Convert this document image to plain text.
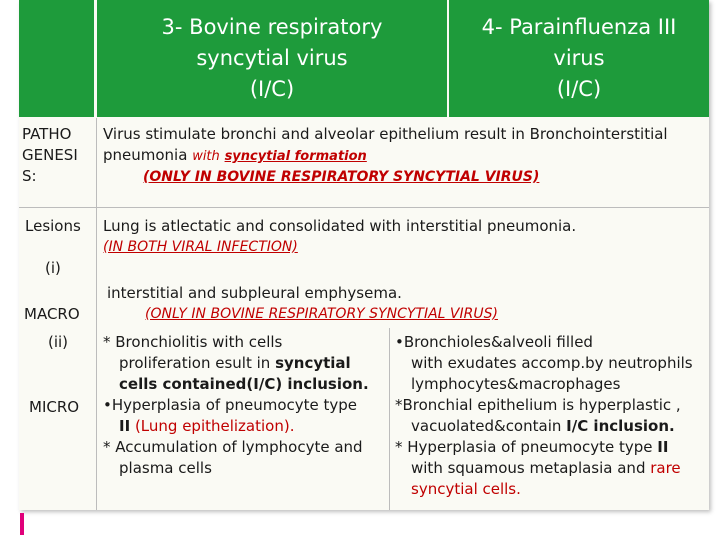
3- Bovine respiratory
syncytial virus
(I/C)
4- Parainfluenza III
virus
(I/C)
PATHO
GENESI
S:
Virus stimulate bronchi and alveolar epithelium result in Bronchointerstitial
pneumonia with syncytial formation
(ONLY IN BOVINE RESPIRATORY SYNCYTIAL VIRUS)
Lesions
(i)
MACRO
Lung is atlectatic and consolidated with interstitial pneumonia.
(IN BOTH VIRAL INFECTION)
interstitial and subpleural emphysema.
(ONLY IN BOVINE RESPIRATORY SYNCYTIAL VIRUS)
(ii)
MICRO
* Bronchiolitis with cells
proliferation esult in syncytial
cells contained(I/C) inclusion.
•Hyperplasia of pneumocyte type
II (Lung epithelization).
* Accumulation of lymphocyte and
plasma cells
•Bronchioles&alveoli filled
with exudates accomp.by neutrophils
lymphocytes&macrophages
*Bronchial epithelium is hyperplastic ,
vacuolated&contain I/C inclusion.
* Hyperplasia of pneumocyte type II
with squamous metaplasia and rare
syncytial cells.
